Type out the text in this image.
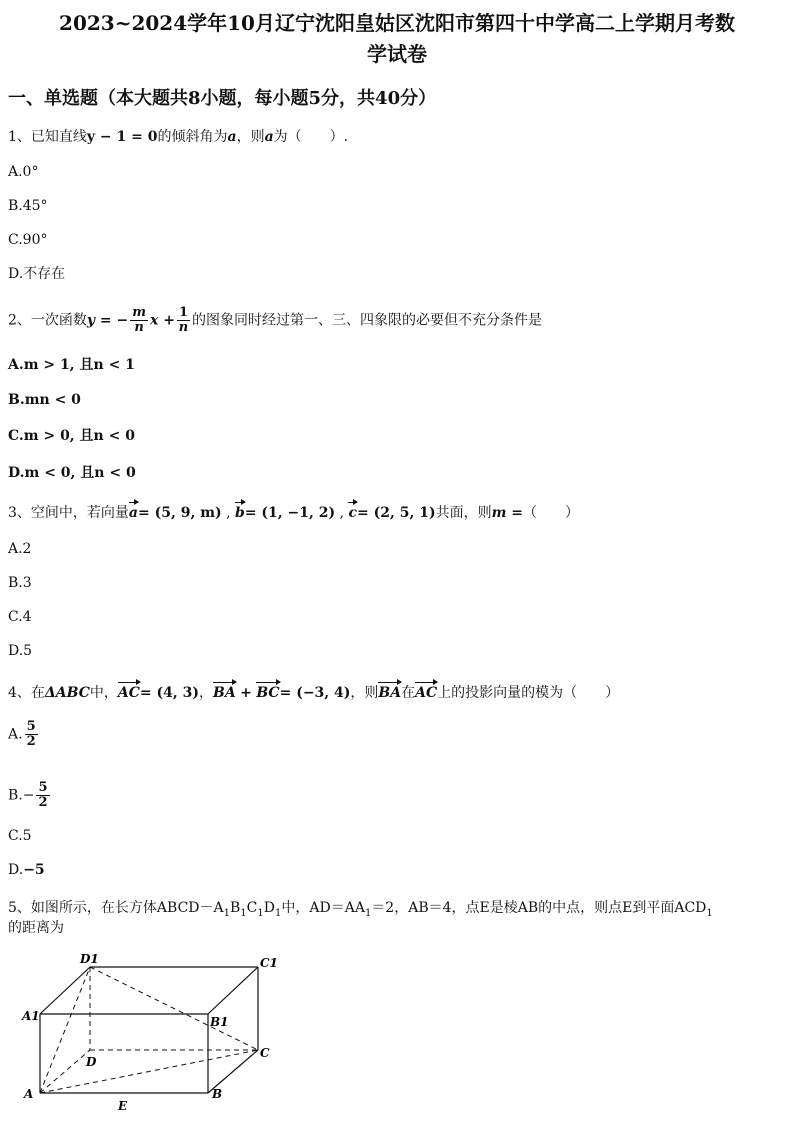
2023~2024学年10月辽宁沈阳皇姑区沈阳市第四十中学高二上学期月考数
学试卷
一、单选题（本大题共8小题，每小题5分，共40分）
1、已知直线y − 1 = 0的倾斜角为a，则a为（　　）.
A.0°
B.45°
C.90°
D.不存在
2、一次函数y = − $\frac{m}{n}$ $x + \frac{1}{n}$ 的图象同时经过第一、三、四象限的必要但不充分条件是
A.m > 1, 且n < 1
B.mn < 0
C.m > 0, 且n < 0
D.m < 0, 且n < 0
3、空间中，若向量a= (5, 9, m) , b= (1, −1, 2) , c= (2, 5, 1)共面，则m =（　　）
A.2
B.3
C.4
D.5
4、在ΔABC中，AC= (4, 3)，BA + BC= (−3, 4)，则BA在AC上的投影向量的模为（　　）
A. $\frac{5}{2}$
$B.- \frac{5}{2}$
C.5
D.−5
5、如图所示，在长方体$ABCD-A_1B_1C_1D_1$中，$AD=AA_1=2$，AB＝4，点E是棱AB的中点，则点E到平面$ACD_1$
的距离为
D1	C1
A1	B1
D
C
A
E
B
